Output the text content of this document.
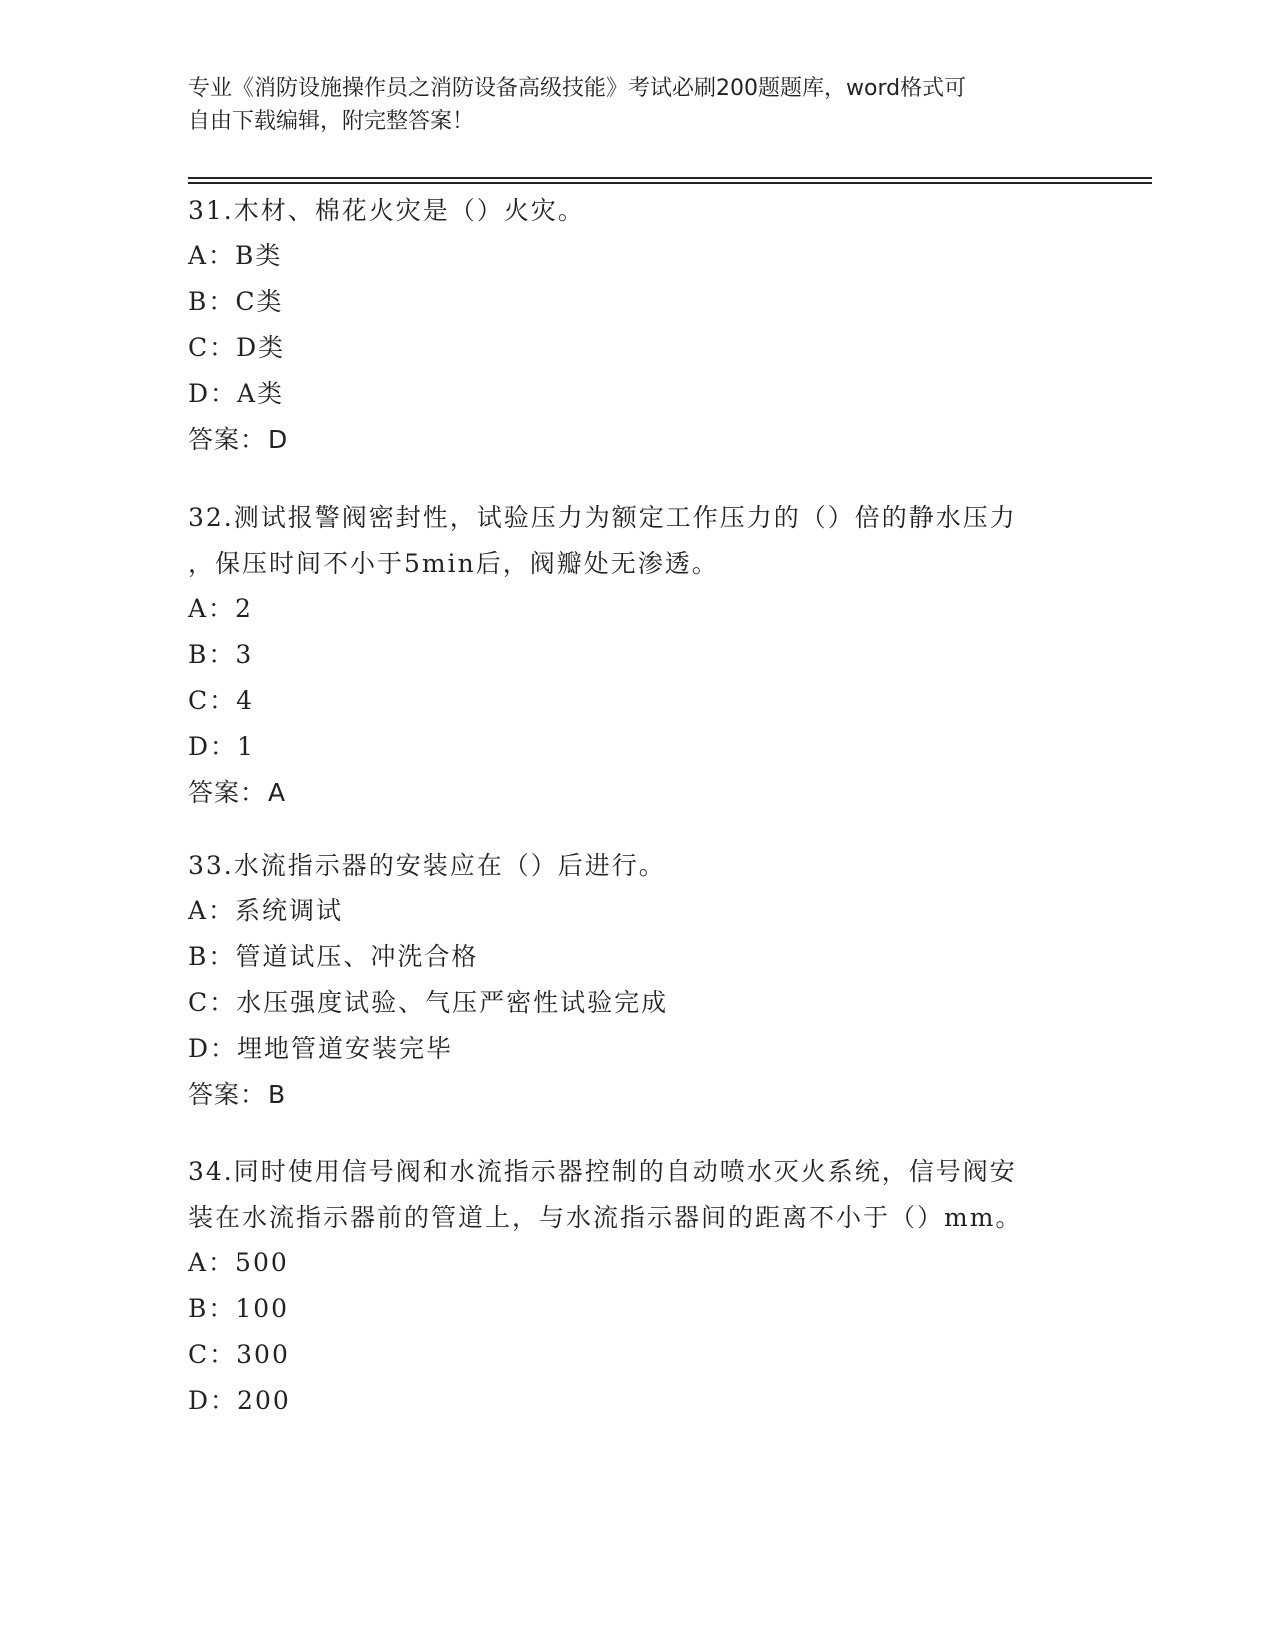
专业《消防设施操作员之消防设备高级技能》考试必刷200题题库，word格式可
自由下载编辑，附完整答案！
31.木材、棉花火灾是（）火灾。
A：B类
B：C类
C：D类
D：A类
答案：D
32.测试报警阀密封性，试验压力为额定工作压力的（）倍的静水压力
，保压时间不小于5min后，阀瓣处无渗透。
A：2
B：3
C：4
D：1
答案：A
33.水流指示器的安装应在（）后进行。
A：系统调试
B：管道试压、冲洗合格
C：水压强度试验、气压严密性试验完成
D：埋地管道安装完毕
答案：B
34.同时使用信号阀和水流指示器控制的自动喷水灭火系统，信号阀安
装在水流指示器前的管道上，与水流指示器间的距离不小于（）mm。
A：500
B：100
C：300
D：200
